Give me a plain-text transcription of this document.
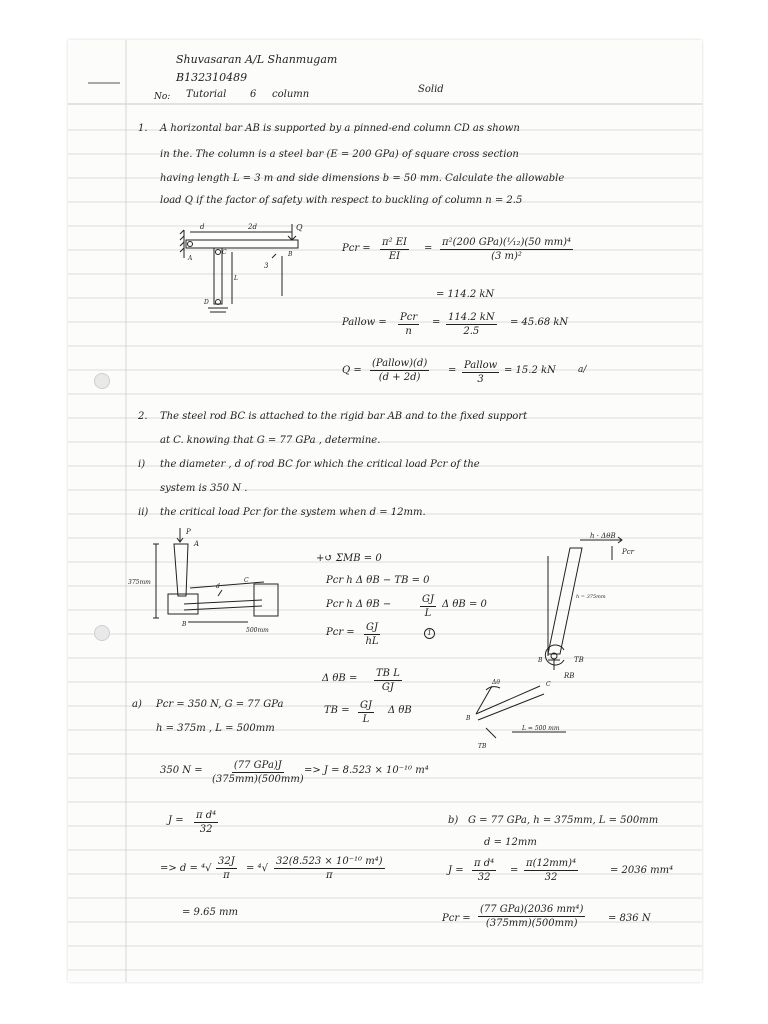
Shuvasaran A/L Shanmugam
B132310489
No: Tutorial 6 column	Solid
1. A horizontal bar AB is supported by a pinned-end column CD as shown
in the. The column is a steel bar (E = 200 GPa) of square cross section
having length L = 3 m and side dimensions b = 50 mm. Calculate the allowable
load Q if the factor of safety with respect to buckling of column n = 2.5
2d
d	Q
A
B
C
D
L
3
Pcr = $\frac{\text{π² EI}}{EI}$ =
π²(200 GPa)(¹⁄₁₂)(50 mm)⁴
(3 m)²
= 114.2 kN
Pallow = Pcr
n
= $\frac{114.2 kN}{2.5} = 45.68$ kN
Q =
(Pallow)(d)
(d + 2d)
= Pallow
3
= 15.2 kN a/
2. The steel rod BC is attached to the rigid bar AB and to the fixed support
at C. knowing that G = 77 GPa , determine.
i) the diameter , d of rod BC for which the critical load Pcr of the
system is 350 N .
ii) the critical load Pcr for the system when d = 12mm.
P
A
B
C
d
375mm
500mm
+↺ ΣMB = 0
Pcr h Δ θB − TB = 0
Pcr h Δ θB −	$\frac{GJ}{L}$ Δ θB = 0
Pcr = $\frac{GJ}{hL}$	1
Δ $\theta B = \frac{\text{TB L}}{GJ}$
TB = $\frac{GJ}{L}$ Δ θB
h · ΔθB
Pcr
h = 375mm
B	TB
RB
Δθ	C
B
L = 500 mm
TB
a) Pcr = 350 N, G = 77 GPa
h = 375m , L = 500mm
350 N =	(77 GPa)J
(375mm)(500mm)
=> J = 8.523 × 10⁻¹⁰ m⁴
$J = \frac{\text{π d⁴}}{32}$
=> $d = ^4√ \frac{32J}{\pi} = ^4√ \frac{\text{32(8.523 × 10⁻¹⁰ m⁴)}}{\pi}$
= 9.65 mm
b) G = 77 GPa, h = 375mm, L = 500mm
d = 12mm
$J = \frac{\text{π d⁴}}{32} = \frac{\text{π(12mm)⁴}}{32}$	= 2036 mm⁴
Pcr =
(77 GPa)(2036 mm⁴)
(375mm)(500mm)	= 836 N
